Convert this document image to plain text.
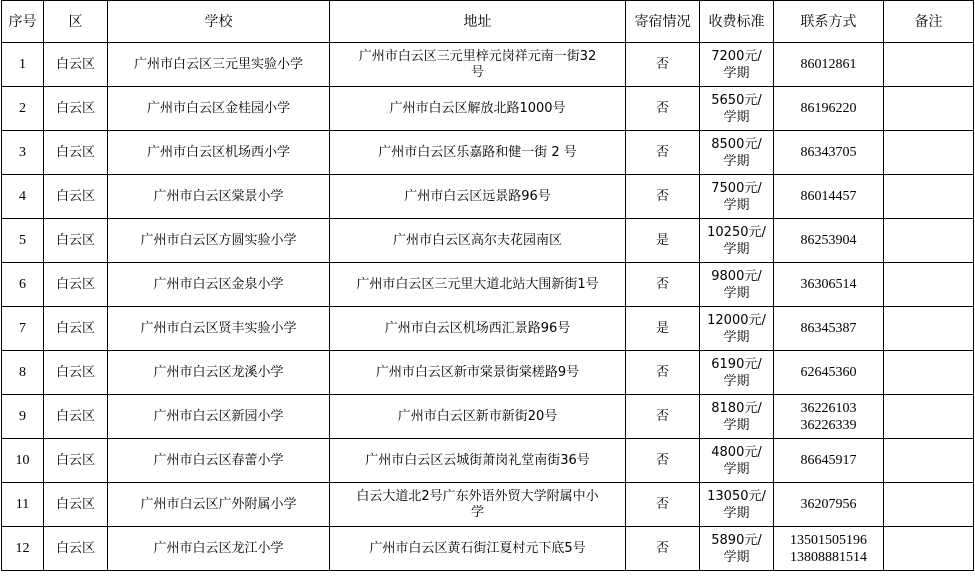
序号	区	学校	地址	寄宿情况	收费标准	联系方式	备注
1	白云区	广州市白云区三元里实验小学	广州市白云区三元里梓元岗祥元南一街32
号	否	7200元/
学期	86012861	

2	白云区	广州市白云区金桂园小学	广州市白云区解放北路1000号	否	5650元/
学期	86196220	

3	白云区	广州市白云区机场西小学	广州市白云区乐嘉路和健一街 2 号	否	8500元/
学期	86343705	

4	白云区	广州市白云区棠景小学	广州市白云区远景路96号	否	7500元/
学期	86014457	

5	白云区	广州市白云区方圆实验小学	广州市白云区高尔夫花园南区	是	10250元/
学期	86253904	

6	白云区	广州市白云区金泉小学	广州市白云区三元里大道北站大围新街1号	否	9800元/
学期	36306514	

7	白云区	广州市白云区贤丰实验小学	广州市白云区机场西汇景路96号	是	12000元/
学期	86345387	

8	白云区	广州市白云区龙溪小学	广州市白云区新市棠景街棠槎路9号	否	6190元/
学期	62645360	

9	白云区	广州市白云区新园小学	广州市白云区新市新街20号	否	8180元/
学期	36226103
36226339	

10	白云区	广州市白云区春蕾小学	广州市白云区云城街萧岗礼堂南街36号	否	4800元/
学期	86645917	

11	白云区	广州市白云区广外附属小学	白云大道北2号广东外语外贸大学附属中小
学	否	13050元/
学期	36207956	

12	白云区	广州市白云区龙江小学	广州市白云区黄石街江夏村元下底5号	否	5890元/
学期	13501505196
13808881514	
